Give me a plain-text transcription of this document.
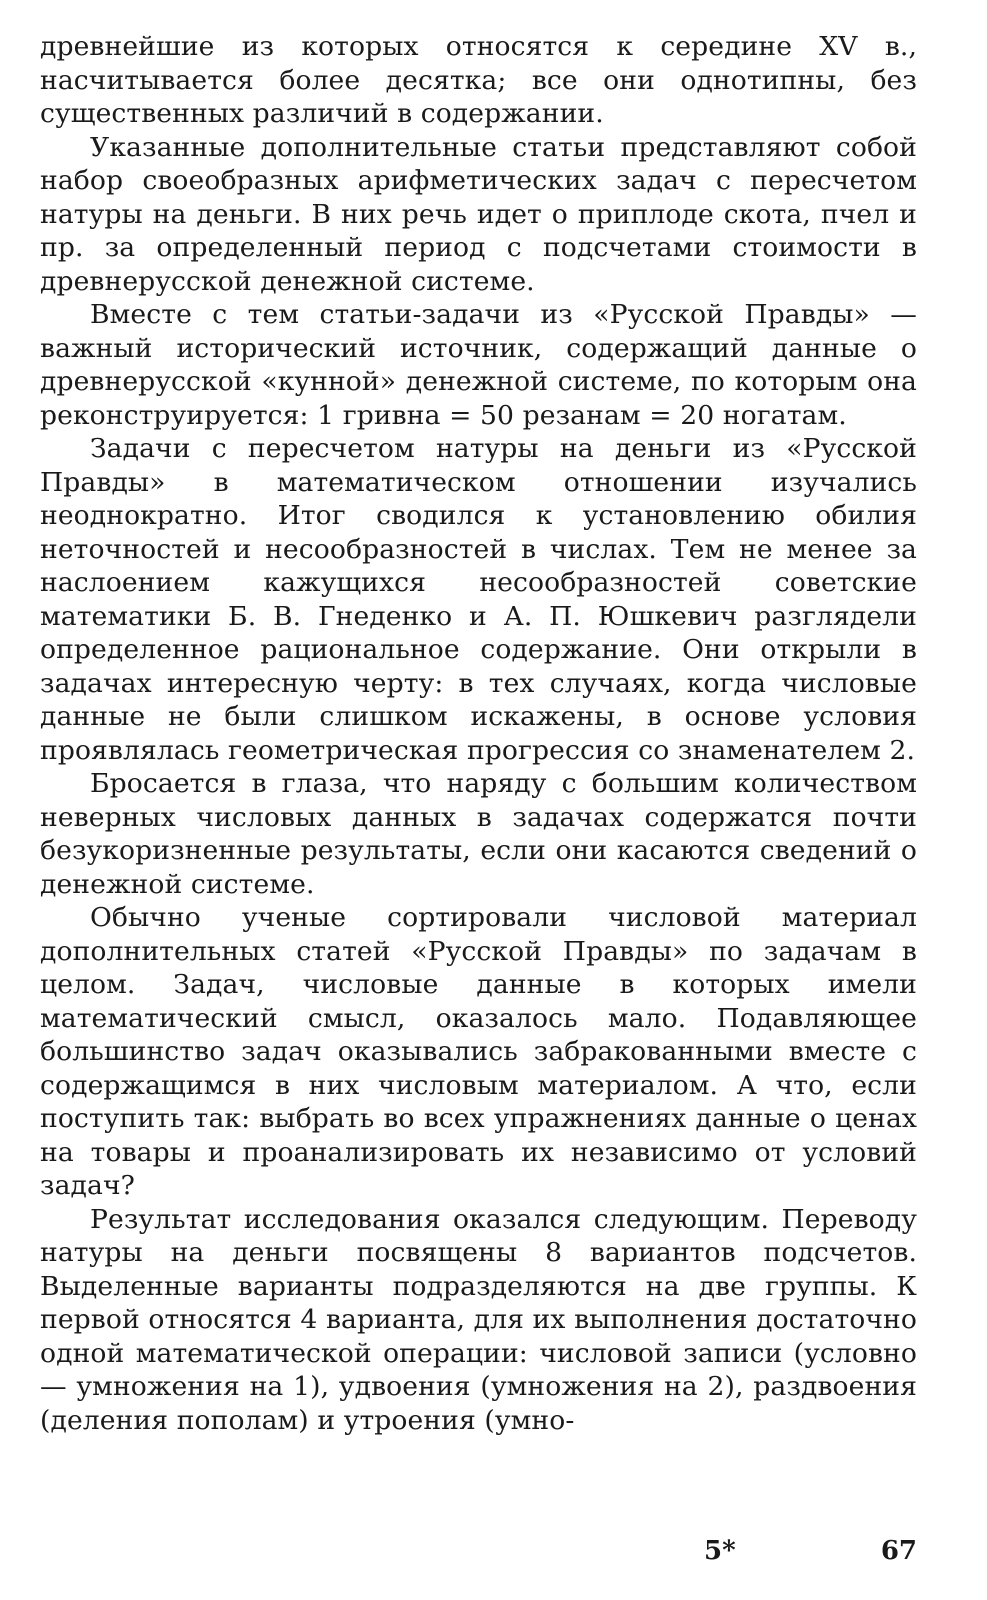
древнейшие из которых относятся к середине XV в., насчитывается более десятка; все они однотипны, без существенных различий в содержании.

Указанные дополнительные статьи представляют собой набор своеобразных арифметических задач с пересчетом натуры на деньги. В них речь идет о приплоде скота, пчел и пр. за определенный период с подсчетами стоимости в древнерусской денежной системе.

Вместе с тем статьи-задачи из «Русской Правды» — важный исторический источник, содержащий данные о древнерусской «кунной» денежной системе, по которым она реконструируется: 1 гривна = 50 резанам = 20 ногатам.

Задачи с пересчетом натуры на деньги из «Русской Правды» в математическом отношении изучались неоднократно. Итог сводился к установлению обилия неточностей и несообразностей в числах. Тем не менее за наслоением кажущихся несообразностей советские математики Б. В. Гнеденко и А. П. Юшкевич разглядели определенное рациональное содержание. Они открыли в задачах интересную черту: в тех случаях, когда числовые данные не были слишком искажены, в основе условия проявлялась геометрическая прогрессия со знаменателем 2.

Бросается в глаза, что наряду с большим количеством неверных числовых данных в задачах содержатся почти безукоризненные результаты, если они касаются сведений о денежной системе.

Обычно ученые сортировали числовой материал дополнительных статей «Русской Правды» по задачам в целом. Задач, числовые данные в которых имели математический смысл, оказалось мало. Подавляющее большинство задач оказывались забракованными вместе с содержащимся в них числовым материалом. А что, если поступить так: выбрать во всех упражнениях данные о ценах на товары и проанализировать их независимо от условий задач?

Результат исследования оказался следующим. Переводу натуры на деньги посвящены 8 вариантов подсчетов. Выделенные варианты подразделяются на две группы. К первой относятся 4 варианта, для их выполнения достаточно одной математической операции: числовой записи (условно — умножения на 1), удвоения (умножения на 2), раздвоения (деления пополам) и утроения (умно-

5*	67
